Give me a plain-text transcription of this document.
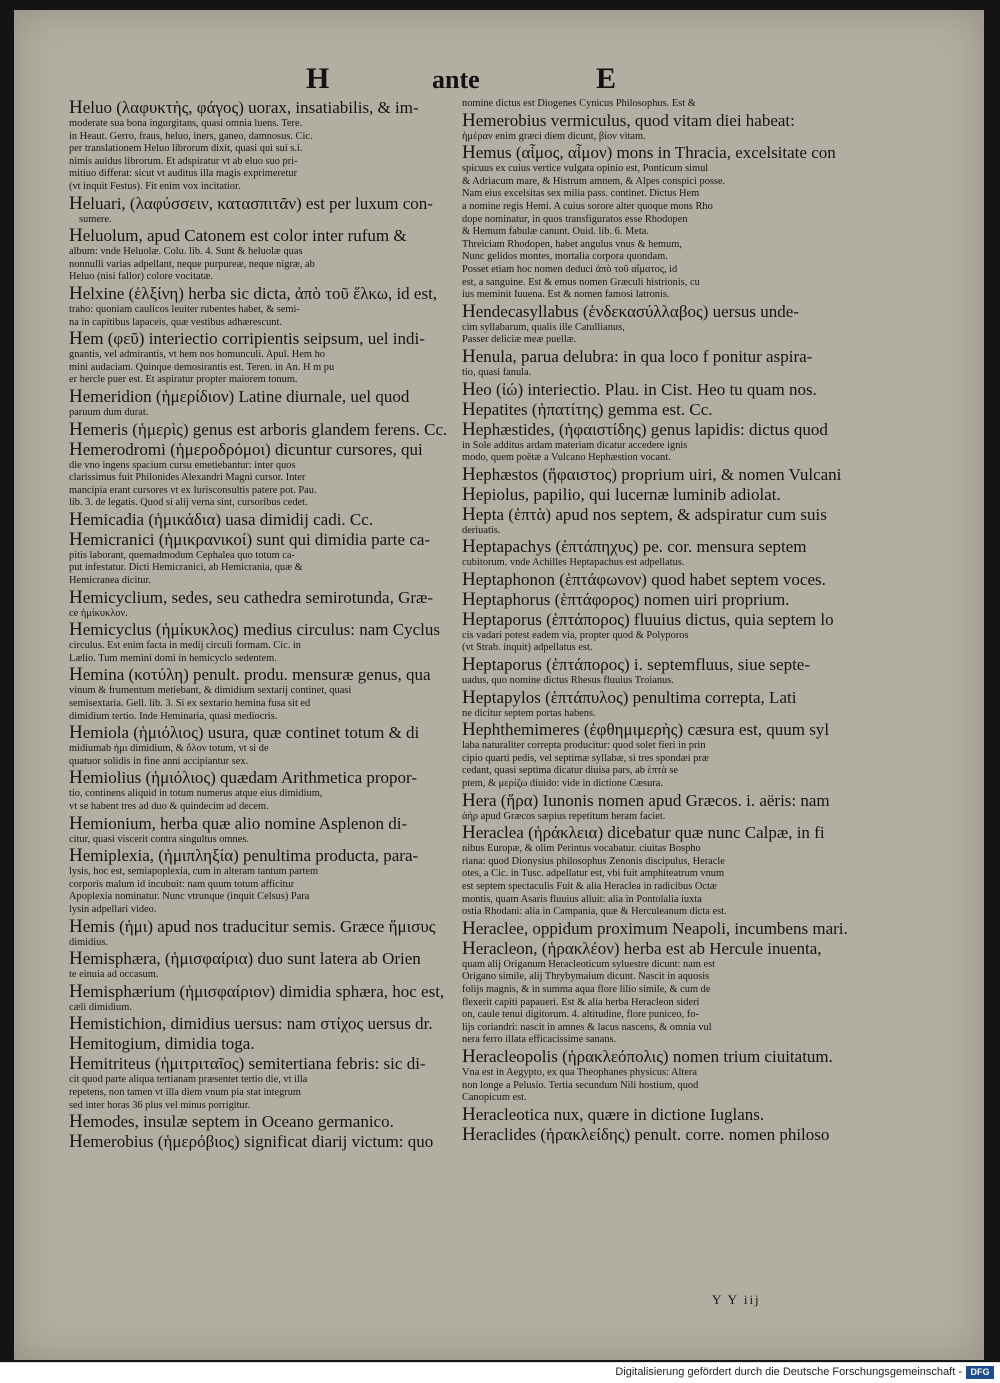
H	ante	E
Heluo (λαφυκτὴς, φάγος) uorax, insatiabilis, & im-
moderate sua bona ingurgitans, quasi omnia luens. Tere.
in Heaut. Gerro, fraus, heluo, iners, ganeo, damnosus. Cic.
per translationem Heluo librorum dixit, quasi qui sui s.i.
nimis auidus librorum. Et adspiratur vt ab eluo suo pri-
mitiuo differat: sicut vt auditus illa magis exprimeretur
(vt inquit Festus). Fit enim vox incitatior.
Heluari, (λαφύσσειν, κατασπιτᾶν) est per luxum con-
sumere.
Heluolum, apud Catonem est color inter rufum &
album: vnde Heluolæ. Colu. lib. 4. Sunt & heluolæ quas
nonnulli varias adpellant, neque purpureæ, neque nigræ, ab
Heluo (nisi fallor) colore vocitatæ.
Helxine (ἑλξίνη) herba sic dicta, ἀπὸ τοῦ ἕλκω, id est,
traho: quoniam caulicos leuiter rubentes habet, & semi-
na in capitibus lapaceis, quæ vestibus adhærescunt.
Hem (φεῦ) interiectio corripientis seipsum, uel indi-
gnantis, vel admirantis, vt hem nos homunculi. Apul. Hem ho
mini audaciam. Quinque demosirantis est. Teren. in An. H m pu
er hercle puer est. Et aspiratur propter maiorem tonum.
Hemeridion (ἡμερίδιον) Latine diurnale, uel quod
paruum dum durat.
Hemeris (ἡμερὶς) genus est arboris glandem ferens. Cc.
Hemerodromi (ἡμεροδρόμοι) dicuntur cursores, qui
die vno ingens spacium cursu emetiebantur: inter quos
clarissimus fuit Philonides Alexandri Magni cursor. Inter
mancipia erant cursores vt ex Iurisconsultis patere pot. Pau.
lib. 3. de legatis. Quod si alij verna sint, cursoribus cedet.
Hemicadia (ἡμικάδια) uasa dimidij cadi. Cc.
Hemicranici (ἡμικρανικοί) sunt qui dimidia parte ca-
pitis laborant, quemadmodum Cephalea quo totum ca-
put infestatur. Dicti Hemicranici, ab Hemicrania, quæ &
Hemicranea dicitur.
Hemicyclium, sedes, seu cathedra semirotunda, Græ-
ce ἡμίκυκλον.
Hemicyclus (ἡμίκυκλος) medius circulus: nam Cyclus
circulus. Est enim facta in medij circuli formam. Cic. in
Lælio. Tum memini domi in hemicyclo sedentem.
Hemina (κοτύλη) penult. produ. mensuræ genus, qua
vinum & frumentum metiebant, & dimidium sextarij continet, quasi
semisextaria. Gell. lib. 3. Si ex sextario hemina fusa sit ed
dimidium tertio. Inde Heminaria, quasi mediocris.
Hemiola (ἡμιόλιος) usura, quæ continet totum & di
midiumab ἡμι dimidium, & ὅλον totum, vt si de
quatuor solidis in fine anni accipiantur sex.
Hemiolius (ἡμιόλιος) quædam Arithmetica propor-
tio, continens aliquid in totum numerus atque eius dimidium,
vt se habent tres ad duo & quindecim ad decem.
Hemionium, herba quæ alio nomine Asplenon di-
citur, quasi viscerit contra singultus omnes.
Hemiplexia, (ἡμιπληξία) penultima producta, para-
lysis, hoc est, semiapoplexia, cum in alteram tantum partem
corporis malum id incubuit: nam quum totum afficitur
Apoplexia nominatur. Nunc vtrunque (inquit Celsus) Para
lysin adpellari video.
Hemis (ἡμι) apud nos traducitur semis. Græce ἥμισυς
dimidius.
Hemisphæra, (ἡμισφαίρια) duo sunt latera ab Orien
te einuia ad occasum.
Hemisphærium (ἡμισφαίριον) dimidia sphæra, hoc est,
cæli dimidium.
Hemistichion, dimidius uersus: nam στίχος uersus dr.
Hemitogium, dimidia toga.
Hemitriteus (ἡμιτριταῖος) semitertiana febris: sic di-
cit quod parte aliqua tertianam præsentet tertio die, vt illa
repetens, non tamen vt illa diem vnum pia stat integrum
sed inter horas 36 plus vel minus porrigitur.
Hemodes, insulæ septem in Oceano germanico.
Hemerobius (ἡμερόβιος) significat diarij victum: quo
nomine dictus est Diogenes Cynicus Philosophus. Est &
Hemerobius vermiculus, quod vitam diei habeat:
ἡμέραν enim græci diem dicunt, βίον vitam.
Hemus (αἷμος, αἷμον) mons in Thracia, excelsitate con
spicuus ex cuius vertice vulgata opinio est, Ponticum simul
& Adriacum mare, & Histrum amnem, & Alpes conspici posse.
Nam eius excelsitas sex milia pass. continet. Dictus Hem
a nomine regis Hemi. A cuius sorore alter quoque mons Rho
dope nominatur, in quos transfiguratos esse Rhodopen
& Hemum fabulæ canunt. Ouid. lib. 6. Meta.
Threiciam Rhodopen, habet angulus vnus & hemum,
Nunc gelidos montes, mortalia corpora quondam.
Posset etiam hoc nomen deduci ἀπὸ τοῦ αἵματος, id
est, a sanguine. Est & emus nomen Græculi histrionis, cu
ius meminit Iuuena. Est & nomen famosi latronis.
Hendecasyllabus (ἑνδεκασύλλαβος) uersus unde-
cim syllabarum, qualis ille Catullianus,
Passer deliciæ meæ puellæ.
Henula, parua delubra: in qua loco f ponitur aspira-
tio, quasi fanula.
Heo (ἰώ) interiectio. Plau. in Cist. Heo tu quam nos.
Hepatites (ἡπατίτης) gemma est. Cc.
Hephæstides, (ἡφαιστίδης) genus lapidis: dictus quod
in Sole additus ardam materiam dicatur accedere ignis
modo, quem poëtæ a Vulcano Hephæstion vocant.
Hephæstos (ἥφαιστος) proprium uiri, & nomen Vulcani
Hepiolus, papilio, qui lucernæ luminib adiolat.
Hepta (ἑπτὰ) apud nos septem, & adspiratur cum suis
deriuatis.
Heptapachys (ἑπτάπηχυς) pe. cor. mensura septem
cubitorum. vnde Achilles Heptapachus est adpellatus.
Heptaphonon (ἑπτάφωνον) quod habet septem voces.
Heptaphorus (ἑπτάφορος) nomen uiri proprium.
Heptaporus (ἑπτάπορος) fluuius dictus, quia septem lo
cis vadari potest eadem via, propter quod & Polyporos
(vt Strab. inquit) adpellatus est.
Heptaporus (ἑπτάπορος) i. septemfluus, siue septe-
uadus, quo nomine dictus Rhesus fluuius Troianus.
Heptapylos (ἑπτάπυλος) penultima correpta, Lati
ne dicitur septem portas habens.
Hephthemimeres (ἑφθημιμερὴς) cæsura est, quum syl
laba naturaliter correpta producitur: quod solet fieri in prin
cipio quarti pedis, vel septimæ syllabæ, si tres spondæi præ
cedant, quasi septima dicatur diuisa pars, ab ἑπτὰ se
ptem, & μερίζω diuido: vide in dictione Cæsura.
Hera (ἥρα) Iunonis nomen apud Græcos. i. aëris: nam
ἀὴρ apud Græcos sæpius repetitum heram faciet.
Heraclea (ἡράκλεια) dicebatur quæ nunc Calpæ, in fi
nibus Europæ, & olim Perintus vocabatur. ciuitas Bospho
riana: quod Dionysius philosophus Zenonis discipulus, Heracle
otes, a Cic. in Tusc. adpellatur est, vbi fuit amphiteatrum vnum
est septem spectaculis Fuit & alia Heraclea in radicibus Octæ
montis, quam Asaris fluuius alluit: alia in Pontolalia iuxta
ostia Rhodani: alia in Campania, quæ & Herculeanum dicta est.
Heraclee, oppidum proximum Neapoli, incumbens mari.
Heracleon, (ἡρακλέον) herba est ab Hercule inuenta,
quam alij Origanum Heracleoticum syluestre dicunt: nam est
Origano simile, alij Thrybymaium dicunt. Nascit in aquosis
folijs magnis, & in summa aqua flore lilio simile, & cum de
flexerit capiti papaueri. Est & alia herba Heracleon sideri
on, caule tenui digitorum. 4. altitudine, flore puniceo, fo-
lijs coriandri: nascit in amnes & lacus nascens, & omnia vul
nera ferro illata efficacissime sanans.
Heracleopolis (ἡρακλεόπολις) nomen trium ciuitatum.
Vna est in Aegypto, ex qua Theophanes physicus: Altera
non longe a Pelusio. Tertia secundum Nili hostium, quod
Canopicum est.
Heracleotica nux, quære in dictione Iuglans.
Heraclides (ἡρακλείδης) penult. corre. nomen philoso
Y Y iij
Digitalisierung gefördert durch die Deutsche Forschungsgemeinschaft - DFG
